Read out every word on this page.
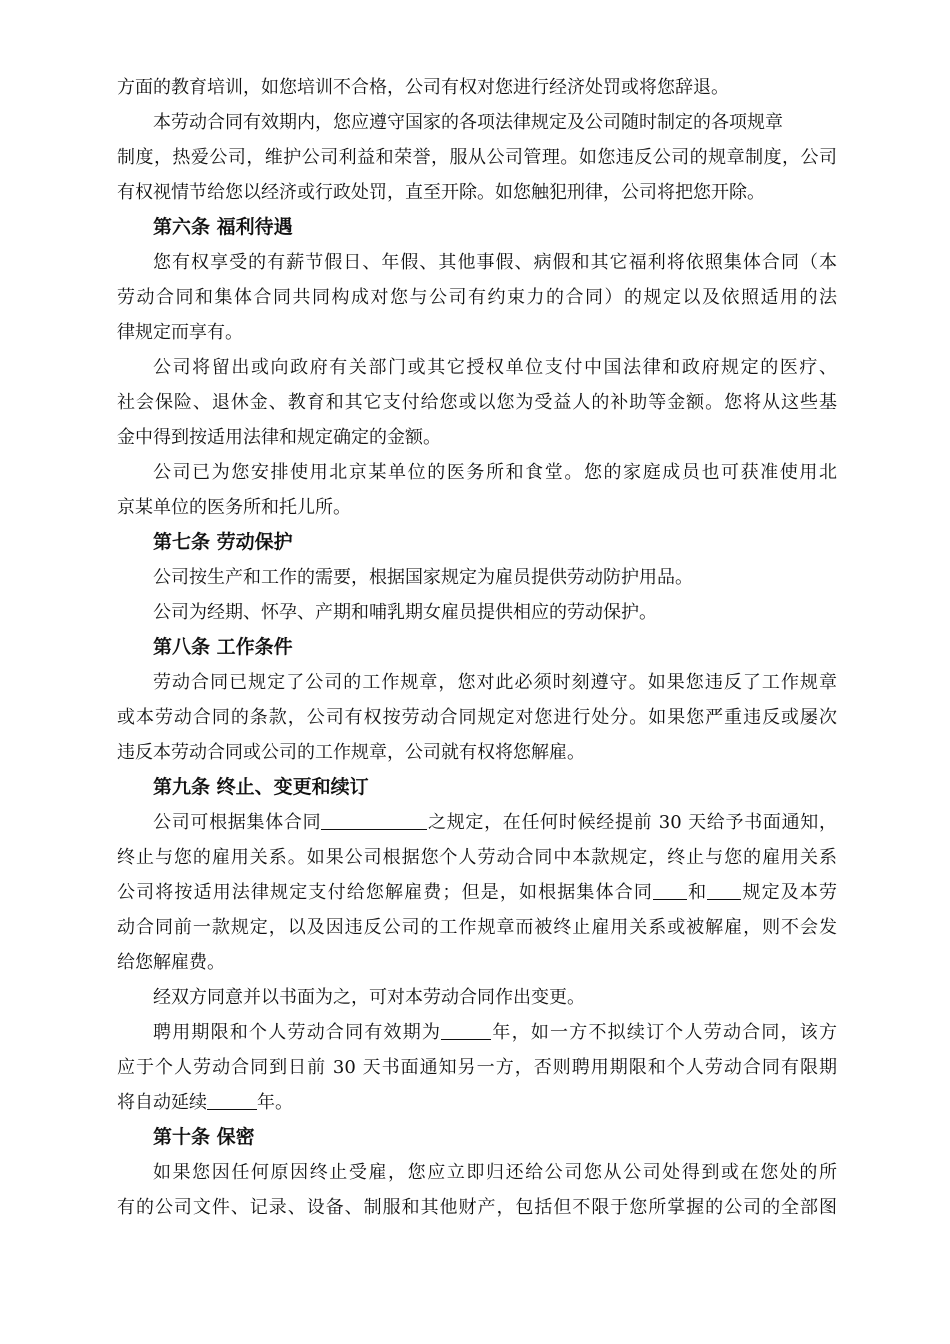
方面的教育培训，如您培训不合格，公司有权对您进行经济处罚或将您辞退。
本劳动合同有效期内，您应遵守国家的各项法律规定及公司随时制定的各项规章
制度，热爱公司，维护公司利益和荣誉，服从公司管理。如您违反公司的规章制度，公司
有权视情节给您以经济或行政处罚，直至开除。如您触犯刑律，公司将把您开除。
第六条 福利待遇
您有权享受的有薪节假日、年假、其他事假、病假和其它福利将依照集体合同（本
劳动合同和集体合同共同构成对您与公司有约束力的合同）的规定以及依照适用的法
律规定而享有。
公司将留出或向政府有关部门或其它授权单位支付中国法律和政府规定的医疗、
社会保险、退休金、教育和其它支付给您或以您为受益人的补助等金额。您将从这些基
金中得到按适用法律和规定确定的金额。
公司已为您安排使用北京某单位的医务所和食堂。您的家庭成员也可获准使用北
京某单位的医务所和托儿所。
第七条 劳动保护
公司按生产和工作的需要，根据国家规定为雇员提供劳动防护用品。
公司为经期、怀孕、产期和哺乳期女雇员提供相应的劳动保护。
第八条 工作条件
劳动合同已规定了公司的工作规章，您对此必须时刻遵守。如果您违反了工作规章
或本劳动合同的条款，公司有权按劳动合同规定对您进行处分。如果您严重违反或屡次
违反本劳动合同或公司的工作规章，公司就有权将您解雇。
第九条 终止、变更和续订
公司可根据集体合同	之规定，在任何时候经提前 30 天给予书面通知，
终止与您的雇用关系。如果公司根据您个人劳动合同中本款规定，终止与您的雇用关系
公司将按适用法律规定支付给您解雇费；但是，如根据集体合同 和 规定及本劳
动合同前一款规定，以及因违反公司的工作规章而被终止雇用关系或被解雇，则不会发
给您解雇费。
经双方同意并以书面为之，可对本劳动合同作出变更。
聘用期限和个人劳动合同有效期为	年，如一方不拟续订个人劳动合同，该方
应于个人劳动合同到日前 30 天书面通知另一方，否则聘用期限和个人劳动合同有限期
将自动延续	年。
第十条 保密
如果您因任何原因终止受雇，您应立即归还给公司您从公司处得到或在您处的所
有的公司文件、记录、设备、制服和其他财产，包括但不限于您所掌握的公司的全部图
